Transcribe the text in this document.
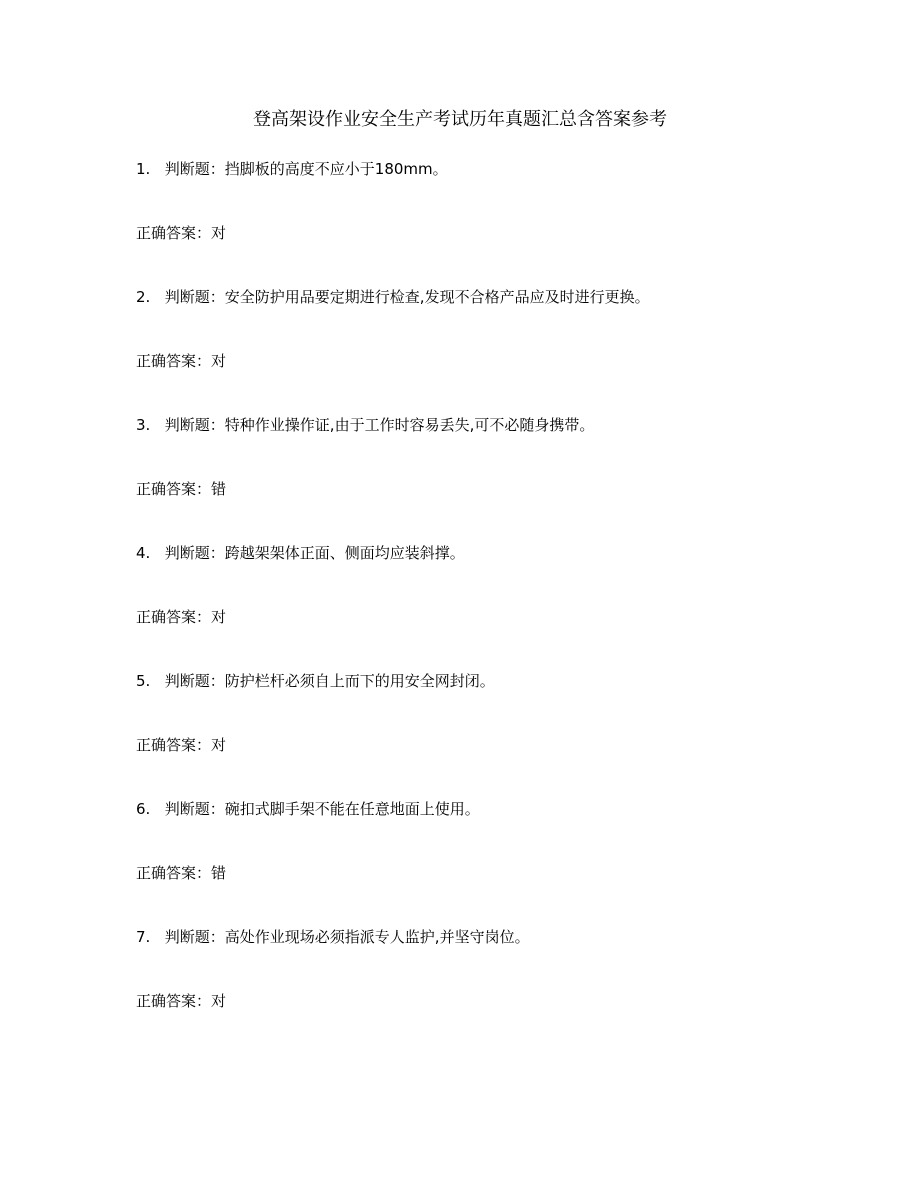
登高架设作业安全生产考试历年真题汇总含答案参考
1. 判断题：挡脚板的高度不应小于180mm。
正确答案：对
2. 判断题：安全防护用品要定期进行检查,发现不合格产品应及时进行更换。
正确答案：对
3. 判断题：特种作业操作证,由于工作时容易丢失,可不必随身携带。
正确答案：错
4. 判断题：跨越架架体正面、侧面均应装斜撑。
正确答案：对
5. 判断题：防护栏杆必须自上而下的用安全网封闭。
正确答案：对
6. 判断题：碗扣式脚手架不能在任意地面上使用。
正确答案：错
7. 判断题：高处作业现场必须指派专人监护,并坚守岗位。
正确答案：对
